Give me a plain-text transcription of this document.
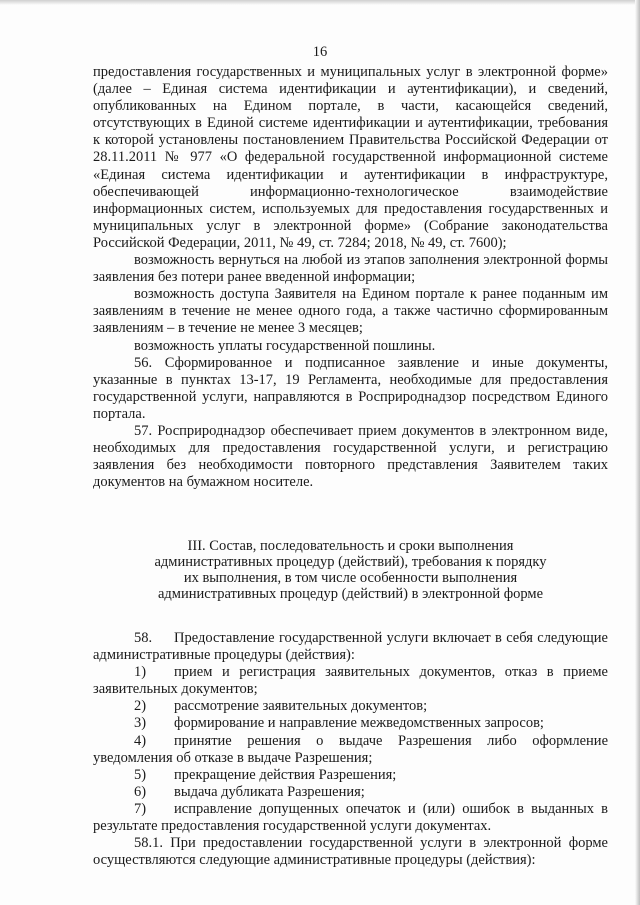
16

предоставления государственных и муниципальных услуг в электронной форме» (далее – Единая система идентификации и аутентификации), и сведений, опубликованных на Едином портале, в части, касающейся сведений, отсутствующих в Единой системе идентификации и аутентификации, требования к которой установлены постановлением Правительства Российской Федерации от 28.11.2011 № 977 «О федеральной государственной информационной системе «Единая система идентификации и аутентификации в инфраструктуре, обеспечивающей информационно-технологическое взаимодействие информационных систем, используемых для предоставления государственных и муниципальных услуг в электронной форме» (Собрание законодательства Российской Федерации, 2011, № 49, ст. 7284; 2018, № 49, ст. 7600);

возможность вернуться на любой из этапов заполнения электронной формы заявления без потери ранее введенной информации;

возможность доступа Заявителя на Едином портале к ранее поданным им заявлениям в течение не менее одного года, а также частично сформированным заявлениям – в течение не менее 3 месяцев;

возможность уплаты государственной пошлины.

56. Сформированное и подписанное заявление и иные документы, указанные в пунктах 13-17, 19 Регламента, необходимые для предоставления государственной услуги, направляются в Росприроднадзор посредством Единого портала.

57. Росприроднадзор обеспечивает прием документов в электронном виде, необходимых для предоставления государственной услуги, и регистрацию заявления без необходимости повторного представления Заявителем таких документов на бумажном носителе.

III. Состав, последовательность и сроки выполнения
административных процедур (действий), требования к порядку
их выполнения, в том числе особенности выполнения
административных процедур (действий) в электронной форме

58. Предоставление государственной услуги включает в себя следующие административные процедуры (действия):

1) прием и регистрация заявительных документов, отказ в приеме заявительных документов;

2) рассмотрение заявительных документов;

3) формирование и направление межведомственных запросов;

4) принятие решения о выдаче Разрешения либо оформление уведомления об отказе в выдаче Разрешения;

5) прекращение действия Разрешения;

6) выдача дубликата Разрешения;

7) исправление допущенных опечаток и (или) ошибок в выданных в результате предоставления государственной услуги документах.

58.1. При предоставлении государственной услуги в электронной форме осуществляются следующие административные процедуры (действия):
